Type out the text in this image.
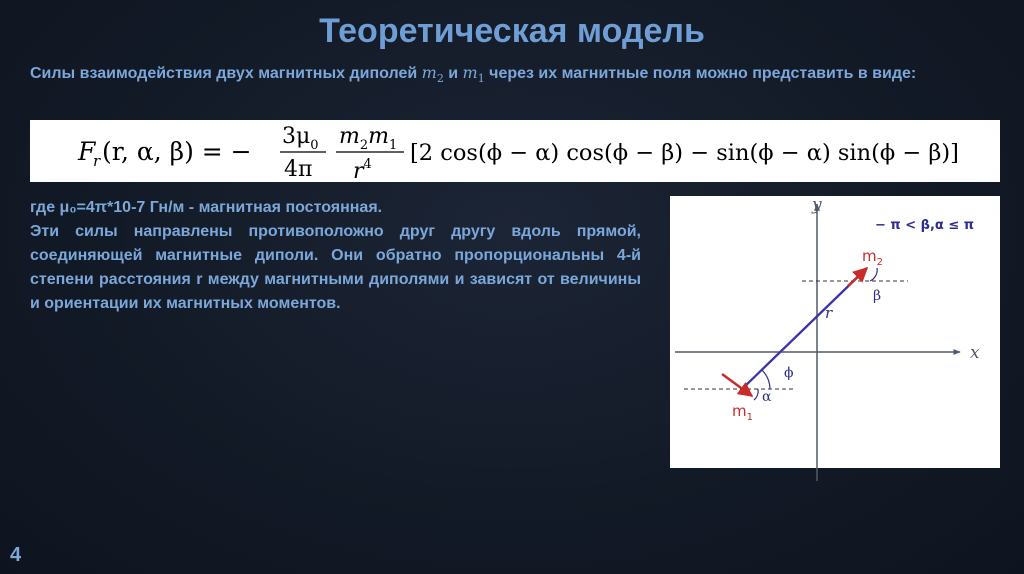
Теоретическая модель
Силы взаимодействия двух магнитных диполей $m_2$ и $m_1$ через их магнитные поля можно представить в виде:
F
r (r, α, β) = −
$3\mu_0$
4π
$m_2m_1$
$r^4$ [2 cos(ϕ − α) cos(ϕ − β) − sin(ϕ − α) sin(ϕ − β)]

где μ₀=4π*10-7 Гн/м - магнитная постоянная.

Эти силы направлены противоположно друг другу вдоль прямой, соединяющей магнитные диполи. Они обратно пропорциональны 4-й степени расстояния r между магнитными диполями и зависят от величины и ориентации их магнитных моментов.

y
x
− π < β,α ≤ π
$m_2$
$m_1$
r
β
ϕ
α
4
